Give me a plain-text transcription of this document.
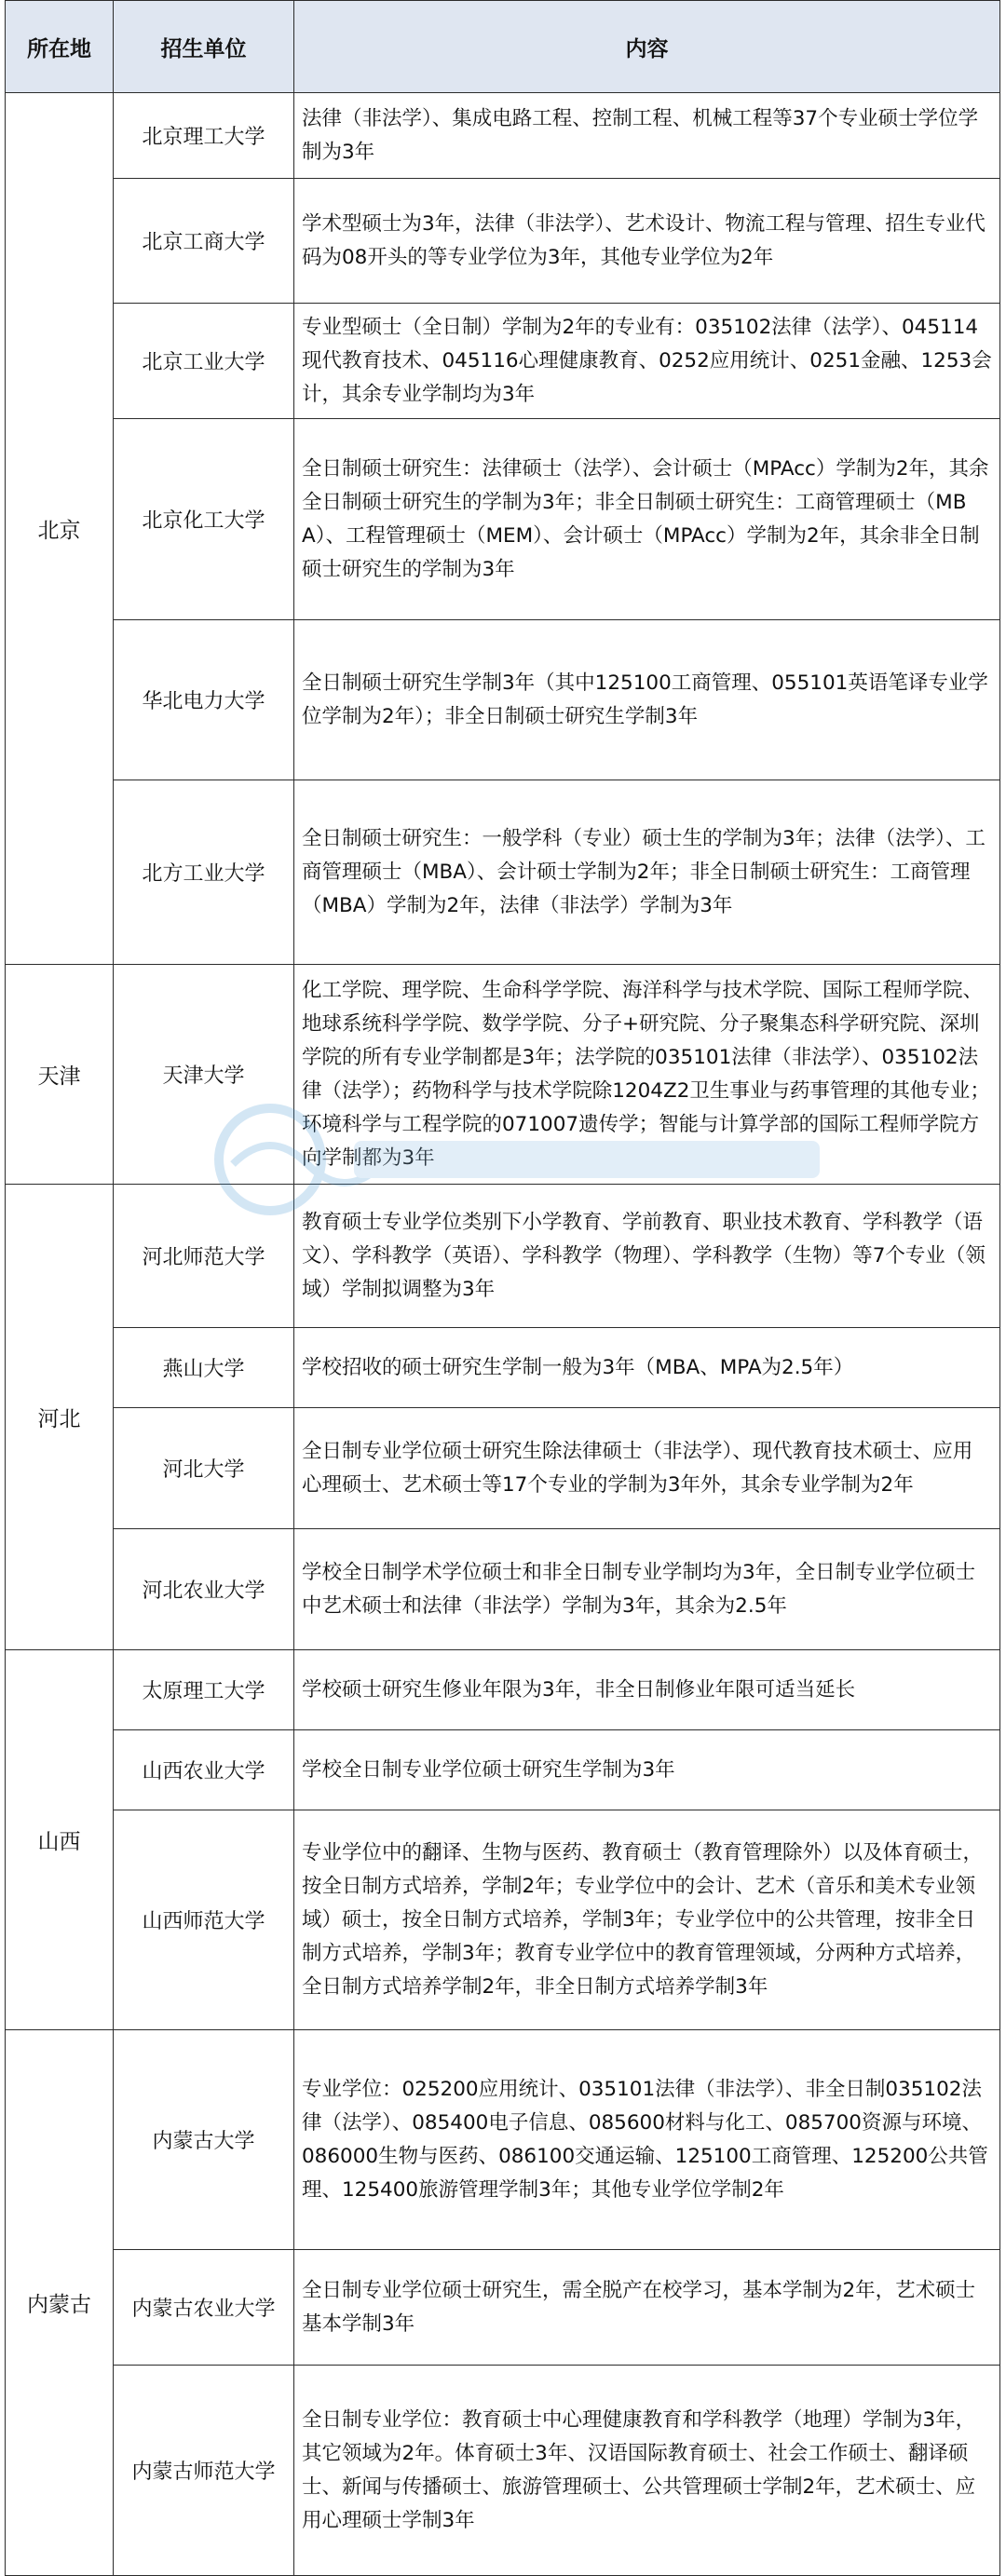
所在地	招生单位	内容
北京	北京理工大学	法律（非法学）、集成电路工程、控制工程、机械工程等37个专业硕士学位学制为3年
	北京工商大学	学术型硕士为3年，法律（非法学）、艺术设计、物流工程与管理、招生专业代码为08开头的等专业学位为3年，其他专业学位为2年
	北京工业大学	专业型硕士（全日制）学制为2年的专业有：035102法律（法学）、045114现代教育技术、045116心理健康教育、0252应用统计、0251金融、1253会计，其余专业学制均为3年
	北京化工大学	全日制硕士研究生：法律硕士（法学）、会计硕士（MPAcc）学制为2年，其余全日制硕士研究生的学制为3年；非全日制硕士研究生：工商管理硕士（MBA）、工程管理硕士（MEM）、会计硕士（MPAcc）学制为2年，其余非全日制硕士研究生的学制为3年
	华北电力大学	全日制硕士研究生学制3年（其中125100工商管理、055101英语笔译专业学位学制为2年）；非全日制硕士研究生学制3年
	北方工业大学	全日制硕士研究生：一般学科（专业）硕士生的学制为3年；法律（法学）、工商管理硕士（MBA）、会计硕士学制为2年；非全日制硕士研究生：工商管理（MBA）学制为2年，法律（非法学）学制为3年
天津	天津大学	化工学院、理学院、生命科学学院、海洋科学与技术学院、国际工程师学院、地球系统科学学院、数学学院、分子+研究院、分子聚集态科学研究院、深圳学院的所有专业学制都是3年；法学院的035101法律（非法学）、035102法律（法学）；药物科学与技术学院除1204Z2卫生事业与药事管理的其他专业；环境科学与工程学院的071007遗传学；智能与计算学部的国际工程师学院方向学制都为3年
河北	河北师范大学	教育硕士专业学位类别下小学教育、学前教育、职业技术教育、学科教学（语文）、学科教学（英语）、学科教学（物理）、学科教学（生物）等7个专业（领域）学制拟调整为3年
	燕山大学	学校招收的硕士研究生学制一般为3年（MBA、MPA为2.5年）
	河北大学	全日制专业学位硕士研究生除法律硕士（非法学）、现代教育技术硕士、应用心理硕士、艺术硕士等17个专业的学制为3年外，其余专业学制为2年
	河北农业大学	学校全日制学术学位硕士和非全日制专业学制均为3年，全日制专业学位硕士中艺术硕士和法律（非法学）学制为3年，其余为2.5年
山西	太原理工大学	学校硕士研究生修业年限为3年，非全日制修业年限可适当延长
	山西农业大学	学校全日制专业学位硕士研究生学制为3年
	山西师范大学	专业学位中的翻译、生物与医药、教育硕士（教育管理除外）以及体育硕士，按全日制方式培养，学制2年；专业学位中的会计、艺术（音乐和美术专业领域）硕士，按全日制方式培养，学制3年；专业学位中的公共管理，按非全日制方式培养，学制3年；教育专业学位中的教育管理领域，分两种方式培养，全日制方式培养学制2年，非全日制方式培养学制3年
内蒙古	内蒙古大学	专业学位：025200应用统计、035101法律（非法学）、非全日制035102法律（法学）、085400电子信息、085600材料与化工、085700资源与环境、086000生物与医药、086100交通运输、125100工商管理、125200公共管理、125400旅游管理学制3年；其他专业学位学制2年
	内蒙古农业大学	全日制专业学位硕士研究生，需全脱产在校学习，基本学制为2年，艺术硕士基本学制3年
	内蒙古师范大学	全日制专业学位：教育硕士中心理健康教育和学科教学（地理）学制为3年，其它领域为2年。体育硕士3年、汉语国际教育硕士、社会工作硕士、翻译硕士、新闻与传播硕士、旅游管理硕士、公共管理硕士学制2年，艺术硕士、应用心理硕士学制3年
